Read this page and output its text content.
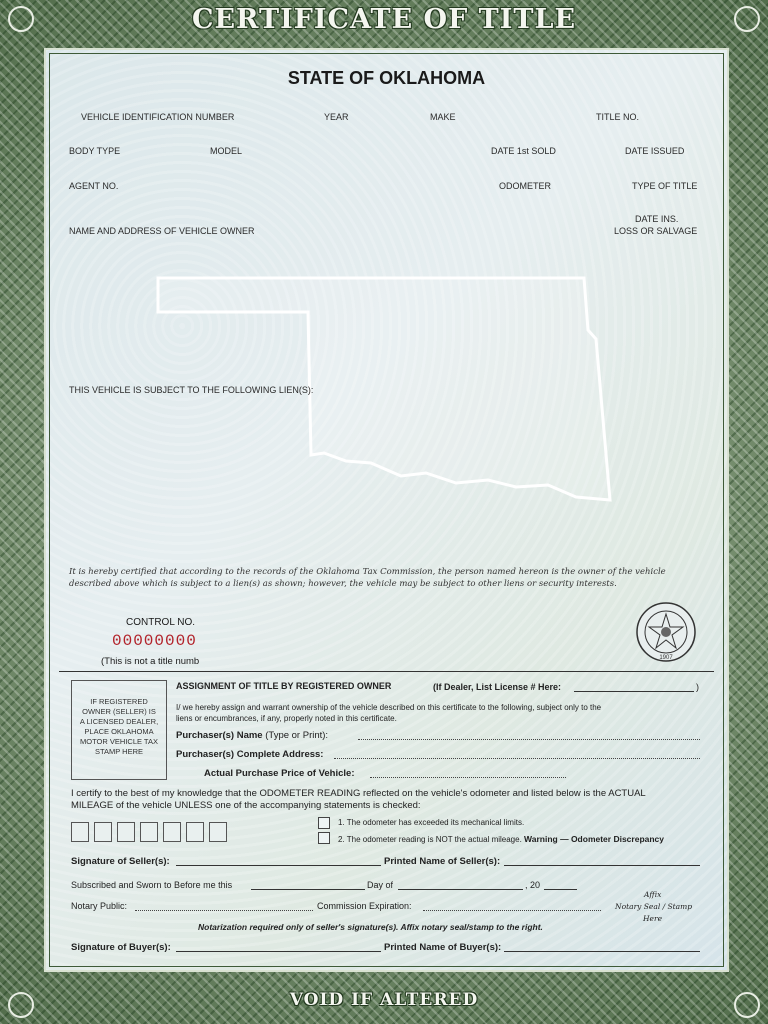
CERTIFICATE OF TITLE
VOID IF ALTERED
STATE OF OKLAHOMA
VEHICLE IDENTIFICATION NUMBER	YEAR	MAKE	TITLE NO.
BODY TYPE	MODEL	DATE 1st SOLD	DATE ISSUED
AGENT NO.	ODOMETER	TYPE OF TITLE
NAME AND ADDRESS OF VEHICLE OWNER
DATE INS.
LOSS OR SALVAGE
THIS VEHICLE IS SUBJECT TO THE FOLLOWING LIEN(S):
It is hereby certified that according to the records of the Oklahoma Tax Commission, the person named hereon is the owner of the vehicle described above which is subject to a lien(s) as shown; however, the vehicle may be subject to other liens or security interests.
CONTROL NO.
00000000
(This is not a title numb	1907
IF REGISTERED
OWNER (SELLER) IS
A LICENSED DEALER,
PLACE OKLAHOMA
MOTOR VEHICLE TAX
STAMP HERE
ASSIGNMENT OF TITLE BY REGISTERED OWNER	(If Dealer, List License # Here:	)
I/ we hereby assign and warrant ownership of the vehicle described on this certificate to the following, subject only to the
liens or encumbrances, if any, properly noted in this certificate.
Purchaser(s) Name (Type or Print):
Purchaser(s) Complete Address:
Actual Purchase Price of Vehicle:
I certify to the best of my knowledge that the ODOMETER READING reflected on the vehicle's odometer and listed below is the ACTUAL
MILEAGE of the vehicle UNLESS one of the accompanying statements is checked:
1. The odometer has exceeded its mechanical limits.
2. The odometer reading is NOT the actual mileage. Warning — Odometer Discrepancy
Signature of Seller(s):	Printed Name of Seller(s):
Subscribed and Sworn to Before me this	Day of	, 20
Notary Public:	Commission Expiration:
Affix
Notary Seal / Stamp
Here
Notarization required only of seller's signature(s). Affix notary seal/stamp to the right.
Signature of Buyer(s):	Printed Name of Buyer(s):
